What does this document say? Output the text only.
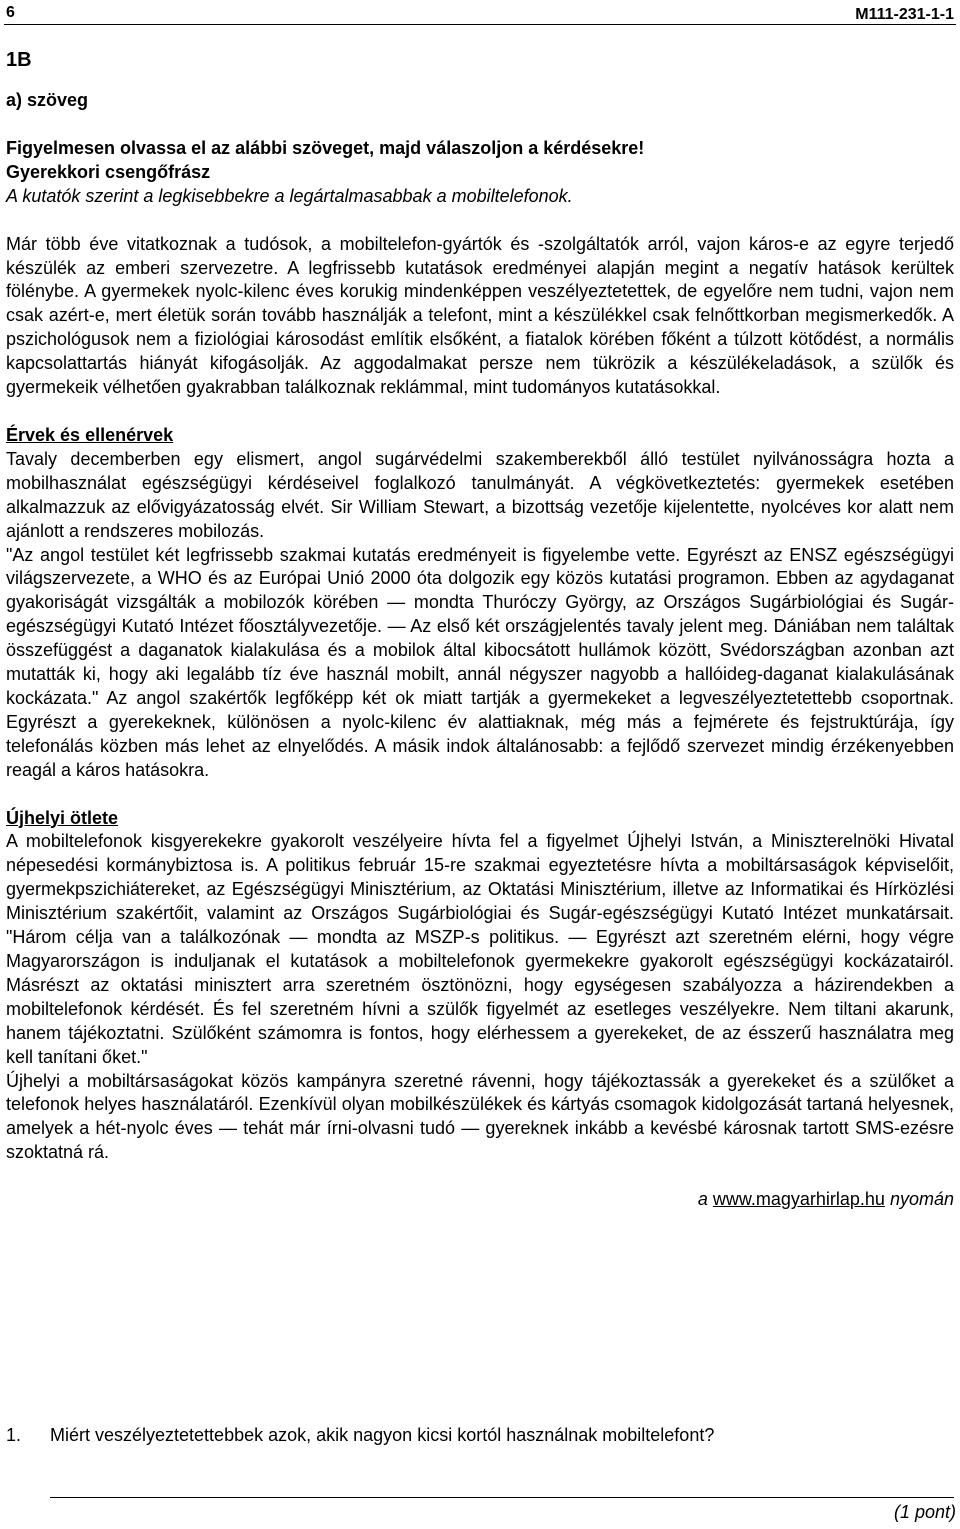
6	M111-231-1-1
1B
a) szöveg

Figyelmesen olvassa el az alábbi szöveget, majd válaszoljon a kérdésekre!

Gyerekkori csengőfrász

A kutatók szerint a legkisebbekre a legártalmasabbak a mobiltelefonok.

Már több éve vitatkoznak a tudósok, a mobiltelefon-gyártók és -szolgáltatók arról, vajon káros-e az egyre terjedő készülék az emberi szervezetre. A legfrissebb kutatások eredményei alapján megint a negatív hatások kerültek fölénybe. A gyermekek nyolc-kilenc éves korukig mindenképpen veszélyeztetettek, de egyelőre nem tudni, vajon nem csak azért-e, mert életük során tovább használják a telefont, mint a készülékkel csak felnőttkorban megismerkedők. A pszichológusok nem a fiziológiai károsodást említik elsőként, a fiatalok körében főként a túlzott kötődést, a normális kapcsolattartás hiányát kifogásolják. Az aggodalmakat persze nem tükrözik a készülékeladások, a szülők és gyermekeik vélhetően gyakrabban találkoznak reklámmal, mint tudományos kutatásokkal.

Érvek és ellenérvek

Tavaly decemberben egy elismert, angol sugárvédelmi szakemberekből álló testület nyilvánosságra hozta a mobilhasználat egészségügyi kérdéseivel foglalkozó tanulmányát. A végkövetkeztetés: gyermekek esetében alkalmazzuk az elővigyázatosság elvét. Sir William Stewart, a bizottság vezetője kijelentette, nyolcéves kor alatt nem ajánlott a rendszeres mobilozás.

"Az angol testület két legfrissebb szakmai kutatás eredményeit is figyelembe vette. Egyrészt az ENSZ egészségügyi világszervezete, a WHO és az Európai Unió 2000 óta dolgozik egy közös kutatási programon. Ebben az agydaganat gyakoriságát vizsgálták a mobilozók körében — mondta Thuróczy György, az Országos Sugárbiológiai és Sugár-egészségügyi Kutató Intézet főosztályvezetője. — Az első két országjelentés tavaly jelent meg. Dániában nem találtak összefüggést a daganatok kialakulása és a mobilok által kibocsátott hullámok között, Svédországban azonban azt mutatták ki, hogy aki legalább tíz éve használ mobilt, annál négyszer nagyobb a hallóideg-daganat kialakulásának kockázata." Az angol szakértők legfőképp két ok miatt tartják a gyermekeket a legveszélyeztetettebb csoportnak. Egyrészt a gyerekeknek, különösen a nyolc-kilenc év alattiaknak, még más a fejmérete és fejstruktúrája, így telefonálás közben más lehet az elnyelődés. A másik indok általánosabb: a fejlődő szervezet mindig érzékenyebben reagál a káros hatásokra.

Újhelyi ötlete

A mobiltelefonok kisgyerekekre gyakorolt veszélyeire hívta fel a figyelmet Újhelyi István, a Miniszterelnöki Hivatal népesedési kormánybiztosa is. A politikus február 15-re szakmai egyeztetésre hívta a mobiltársaságok képviselőit, gyermekpszichiátereket, az Egészségügyi Minisztérium, az Oktatási Minisztérium, illetve az Informatikai és Hírközlési Minisztérium szakértőit, valamint az Országos Sugárbiológiai és Sugár-egészségügyi Kutató Intézet munkatársait. "Három célja van a találkozónak — mondta az MSZP-s politikus. — Egyrészt azt szeretném elérni, hogy végre Magyarországon is induljanak el kutatások a mobiltelefonok gyermekekre gyakorolt egészségügyi kockázatairól. Másrészt az oktatási minisztert arra szeretném ösztönözni, hogy egységesen szabályozza a házirendekben a mobiltelefonok kérdését. És fel szeretném hívni a szülők figyelmét az esetleges veszélyekre. Nem tiltani akarunk, hanem tájékoztatni. Szülőként számomra is fontos, hogy elérhessem a gyerekeket, de az ésszerű használatra meg kell tanítani őket."

Újhelyi a mobiltársaságokat közös kampányra szeretné rávenni, hogy tájékoztassák a gyerekeket és a szülőket a telefonok helyes használatáról. Ezenkívül olyan mobilkészülékek és kártyás csomagok kidolgozását tartaná helyesnek, amelyek a hét-nyolc éves — tehát már írni-olvasni tudó — gyereknek inkább a kevésbé károsnak tartott SMS-ezésre szoktatná rá.

a www.magyarhirlap.hu nyomán

1. Miért veszélyeztetettebbek azok, akik nagyon kicsi kortól használnak mobiltelefont?
(1 pont)
